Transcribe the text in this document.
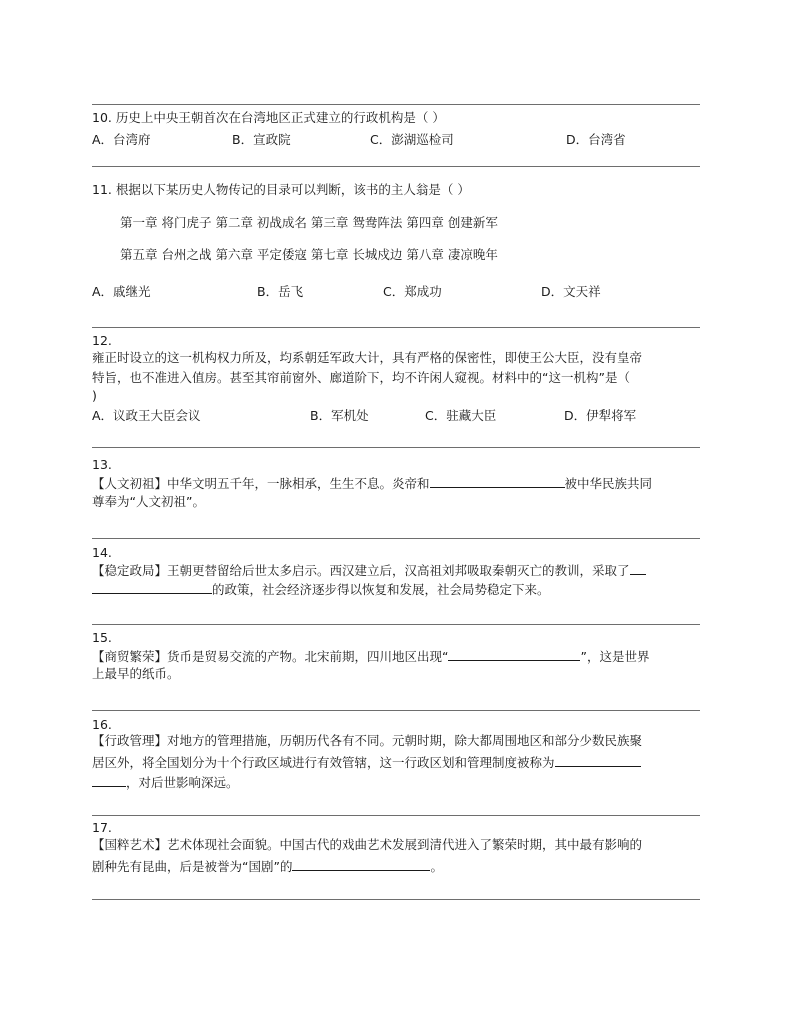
10. 历史上中央王朝首次在台湾地区正式建立的行政机构是（ ）
A．台湾府	B．宣政院	C．澎湖巡检司	D．台湾省
11. 根据以下某历史人物传记的目录可以判断，该书的主人翁是（ ）
第一章 将门虎子 第二章 初战成名 第三章 鸳鸯阵法 第四章 创建新军
第五章 台州之战 第六章 平定倭寇 第七章 长城戍边 第八章 凄凉晚年
A．戚继光	B．岳飞	C．郑成功	D．文天祥
12.
雍正时设立的这一机构权力所及，均系朝廷军政大计，具有严格的保密性，即使王公大臣，没有皇帝
特旨，也不准进入值房。甚至其帘前窗外、廊道阶下，均不许闲人窥视。材料中的“这一机构”是（
)
A．议政王大臣会议	B．军机处	C．驻藏大臣	D．伊犁将军
13.
【人文初祖】中华文明五千年，一脉相承，生生不息。炎帝和	被中华民族共同
尊奉为“人文初祖”。
14.
【稳定政局】王朝更替留给后世太多启示。西汉建立后，汉高祖刘邦吸取秦朝灭亡的教训，采取了
的政策，社会经济逐步得以恢复和发展，社会局势稳定下来。
15.
【商贸繁荣】货币是贸易交流的产物。北宋前期，四川地区出现“	”，这是世界
上最早的纸币。
16.
【行政管理】对地方的管理措施，历朝历代各有不同。元朝时期，除大都周围地区和部分少数民族聚
居区外，将全国划分为十个行政区域进行有效管辖，这一行政区划和管理制度被称为
，对后世影响深远。
17.
【国粹艺术】艺术体现社会面貌。中国古代的戏曲艺术发展到清代进入了繁荣时期，其中最有影响的
剧种先有昆曲，后是被誉为“国剧”的	。
